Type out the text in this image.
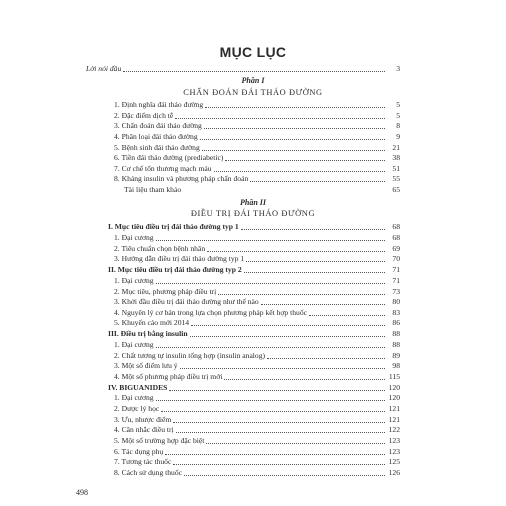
MỤC LỤC
Lời nói đầu	3

Phần I

CHẨN ĐOÁN ĐÁI THÁO ĐƯỜNG

1. Định nghĩa đái tháo đường	5
2. Đặc điểm dịch tễ	5
3. Chẩn đoán đái tháo đường	8
4. Phân loại đái tháo đường	9
5. Bệnh sinh đái tháo đường	21
6. Tiền đái tháo đường (prediabetic)	38
7. Cơ chế tổn thương mạch máu	51
8. Kháng insulin và phương pháp chẩn đoán	55
Tài liệu tham khảo	65

Phần II

ĐIỀU TRỊ ĐÁI THÁO ĐƯỜNG

I. Mục tiêu điều trị đái tháo đường typ 1	68
1. Đại cương	68
2. Tiêu chuẩn chọn bệnh nhân	69
3. Hướng dẫn điều trị đái tháo đường typ 1	70
II. Mục tiêu điều trị đái tháo đường typ 2	71
1. Đại cương	71
2. Mục tiêu, phương pháp điều trị	73
3. Khởi đầu điều trị đái tháo đường như thế nào	80
4. Nguyên lý cơ bản trong lựa chọn phương pháp kết hợp thuốc	83
5. Khuyến cáo mới 2014	86
III. Điều trị bằng insulin	88
1. Đại cương	88
2. Chất tương tự insulin tổng hợp (insulin analog)	89
3. Một số điểm lưu ý	98
4. Một số phương pháp điều trị mới	115
IV. BIGUANIDES	120
1. Đại cương	120
2. Dược lý học	121
3. Ưu, nhược điểm	121
4. Cân nhắc điều trị	122
5. Một số trường hợp đặc biệt	123
6. Tác dụng phụ	123
7. Tương tác thuốc	125
8. Cách sử dụng thuốc	126
498
